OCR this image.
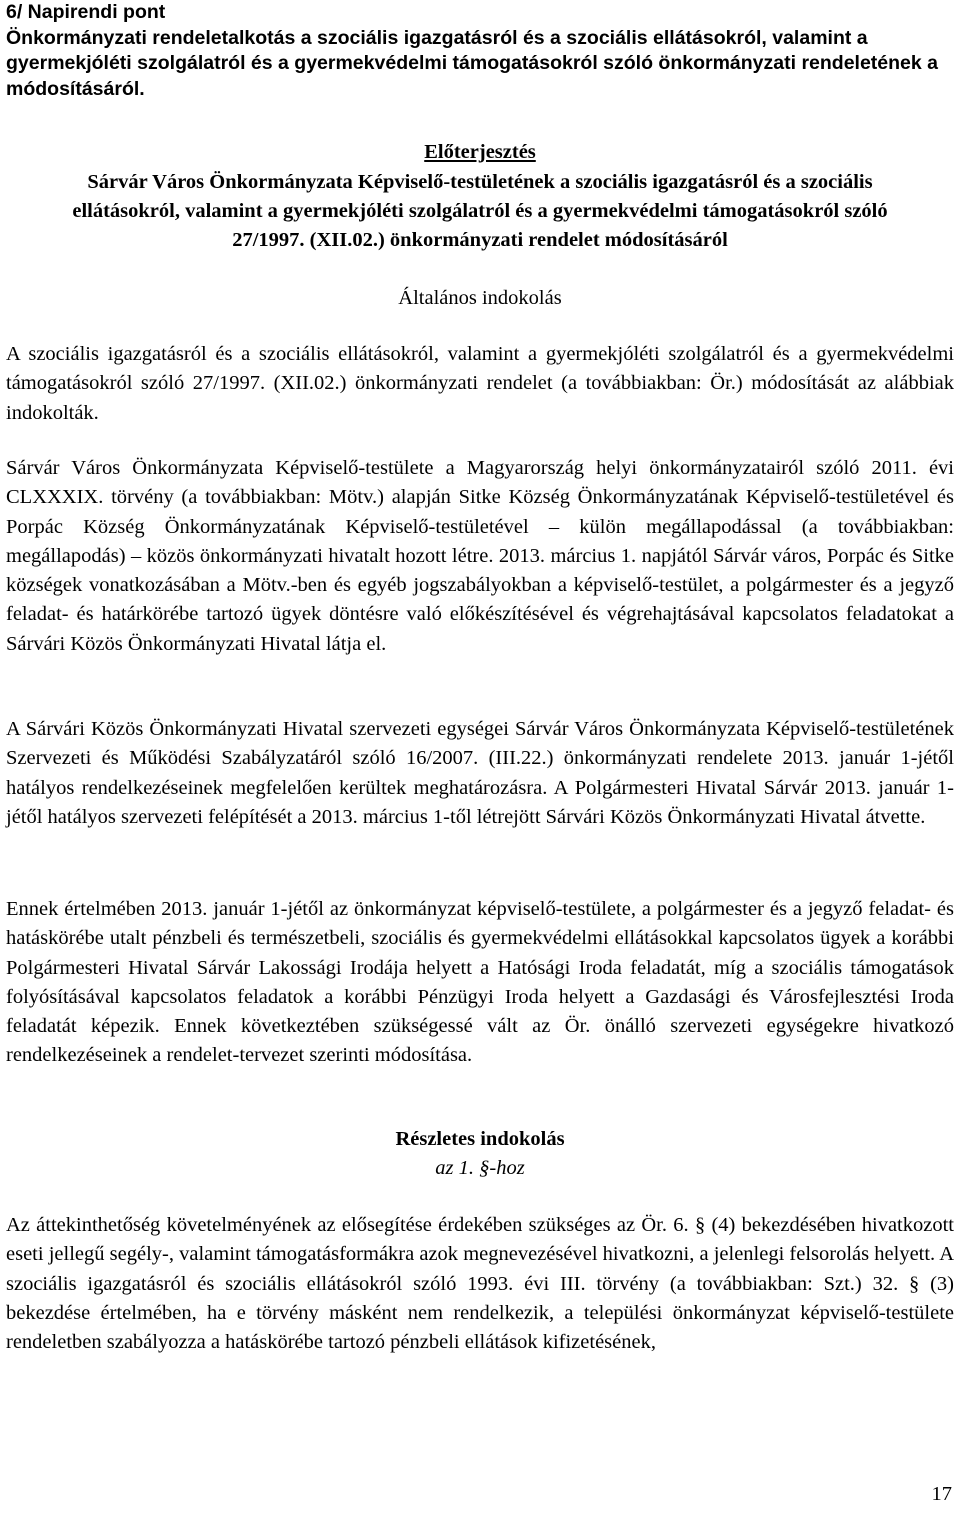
6/ Napirendi pont
Önkormányzati rendeletalkotás a szociális igazgatásról és a szociális ellátásokról, valamint a gyermekjóléti szolgálatról és a gyermekvédelmi támogatásokról szóló önkormányzati rendeletének a módosításáról.
Előterjesztés
Sárvár Város Önkormányzata Képviselő-testületének a szociális igazgatásról és a szociális ellátásokról, valamint a gyermekjóléti szolgálatról és a gyermekvédelmi támogatásokról szóló 27/1997. (XII.02.) önkormányzati rendelet módosításáról
Általános indokolás
A szociális igazgatásról és a szociális ellátásokról, valamint a gyermekjóléti szolgálatról és a gyermekvédelmi támogatásokról szóló 27/1997. (XII.02.) önkormányzati rendelet (a továbbiakban: Ör.) módosítását az alábbiak indokolták.
Sárvár Város Önkormányzata Képviselő-testülete a Magyarország helyi önkormányzatairól szóló 2011. évi CLXXXIX. törvény (a továbbiakban: Mötv.) alapján Sitke Község Önkormányzatának Képviselő-testületével és Porpác Község Önkormányzatának Képviselő-testületével – külön megállapodással (a továbbiakban: megállapodás) – közös önkormányzati hivatalt hozott létre. 2013. március 1. napjától Sárvár város, Porpác és Sitke községek vonatkozásában a Mötv.-ben és egyéb jogszabályokban a képviselő-testület, a polgármester és a jegyző feladat- és határkörébe tartozó ügyek döntésre való előkészítésével és végrehajtásával kapcsolatos feladatokat a Sárvári Közös Önkormányzati Hivatal látja el.
A Sárvári Közös Önkormányzati Hivatal szervezeti egységei Sárvár Város Önkormányzata Képviselő-testületének Szervezeti és Működési Szabályzatáról szóló 16/2007. (III.22.) önkormányzati rendelete 2013. január 1-jétől hatályos rendelkezéseinek megfelelően kerültek meghatározásra. A Polgármesteri Hivatal Sárvár 2013. január 1-jétől hatályos szervezeti felépítését a 2013. március 1-től létrejött Sárvári Közös Önkormányzati Hivatal átvette.
Ennek értelmében 2013. január 1-jétől az önkormányzat képviselő-testülete, a polgármester és a jegyző feladat- és hatáskörébe utalt pénzbeli és természetbeli, szociális és gyermekvédelmi ellátásokkal kapcsolatos ügyek a korábbi Polgármesteri Hivatal Sárvár Lakossági Irodája helyett a Hatósági Iroda feladatát, míg a szociális támogatások folyósításával kapcsolatos feladatok a korábbi Pénzügyi Iroda helyett a Gazdasági és Városfejlesztési Iroda feladatát képezik. Ennek következtében szükségessé vált az Ör. önálló szervezeti egységekre hivatkozó rendelkezéseinek a rendelet-tervezet szerinti módosítása.
Részletes indokolás
az 1. §-hoz
Az áttekinthetőség követelményének az elősegítése érdekében szükséges az Ör. 6. § (4) bekezdésében hivatkozott eseti jellegű segély-, valamint támogatásformákra azok megnevezésével hivatkozni, a jelenlegi felsorolás helyett. A szociális igazgatásról és szociális ellátásokról szóló 1993. évi III. törvény (a továbbiakban: Szt.) 32. § (3) bekezdése értelmében, ha e törvény másként nem rendelkezik, a települési önkormányzat képviselő-testülete rendeletben szabályozza a hatáskörébe tartozó pénzbeli ellátások kifizetésének,
17
